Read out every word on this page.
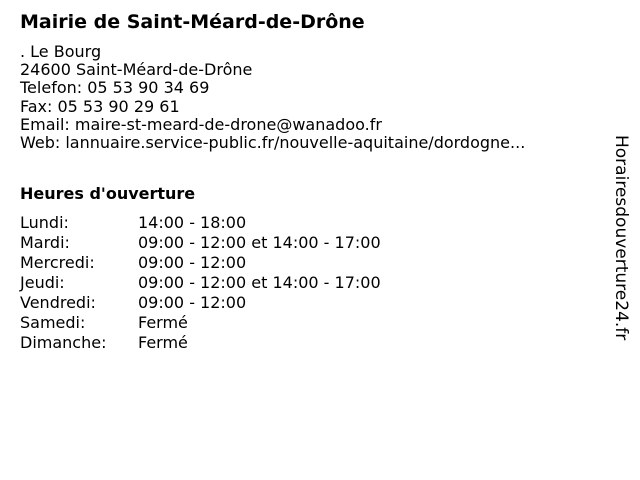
Mairie de Saint-Méard-de-Drône
. Le Bourg
24600 Saint-Méard-de-Drône
Telefon: 05 53 90 34 69
Fax: 05 53 90 29 61
Email: maire-st-meard-de-drone@wanadoo.fr
Web: lannuaire.service-public.fr/nouvelle-aquitaine/dordogne...
Heures d'ouverture
Lundi:	14:00 - 18:00
Mardi:	09:00 - 12:00 et 14:00 - 17:00
Mercredi:	09:00 - 12:00
Jeudi:	09:00 - 12:00 et 14:00 - 17:00
Vendredi:	09:00 - 12:00
Samedi:	Fermé
Dimanche:	Fermé
Horairesdouverture24.fr
